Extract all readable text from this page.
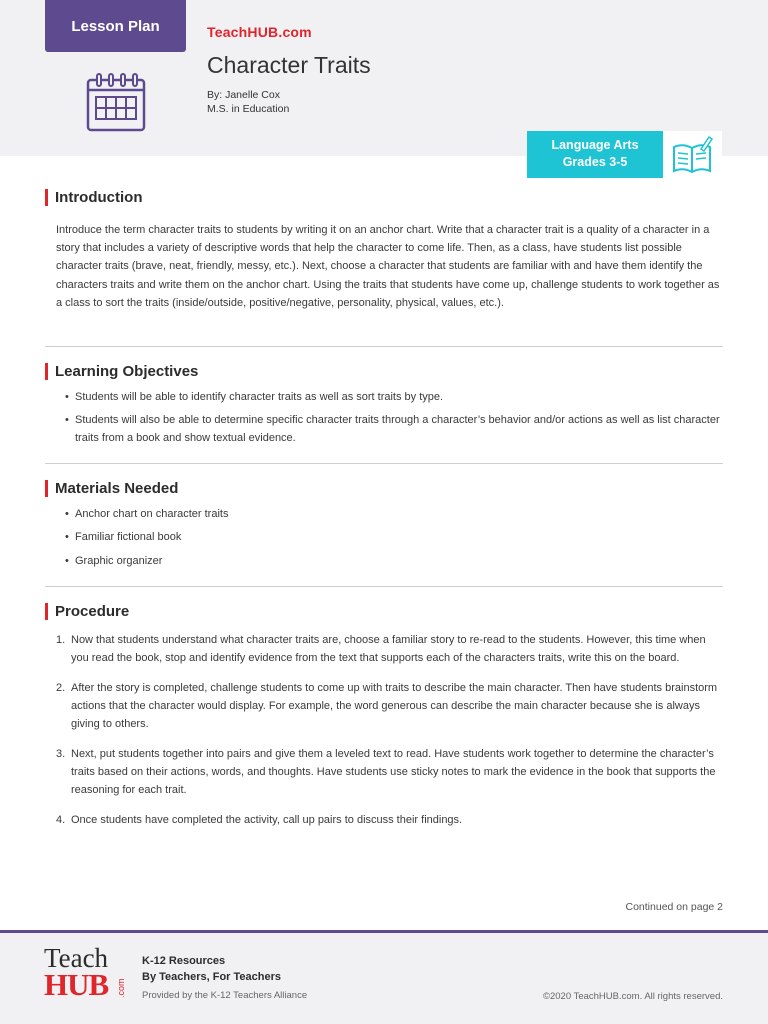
Lesson Plan	TeachHUB.com
Character Traits
By: Janelle Cox
M.S. in Education
Language Arts
Grades 3-5
Introduction
Introduce the term character traits to students by writing it on an anchor chart. Write that a character trait is a quality of a character in a story that includes a variety of descriptive words that help the character to come life. Then, as a class, have students list possible character traits (brave, neat, friendly, messy, etc.). Next, choose a character that students are familiar with and have them identify the characters traits and write them on the anchor chart. Using the traits that students have come up, challenge students to work together as a class to sort the traits (inside/outside, positive/negative, personality, physical, values, etc.).
Learning Objectives
• Students will be able to identify character traits as well as sort traits by type.
• Students will also be able to determine specific character traits through a character’s behavior and/or actions as well as list character traits from a book and show textual evidence.
Materials Needed
• Anchor chart on character traits
• Familiar fictional book
• Graphic organizer
Procedure
1. Now that students understand what character traits are, choose a familiar story to re-read to the students. However, this time when you read the book, stop and identify evidence from the text that supports each of the characters traits, write this on the board.
2. After the story is completed, challenge students to come up with traits to describe the main character. Then have students brainstorm actions that the character would display. For example, the word generous can describe the main character because she is always giving to others.
3. Next, put students together into pairs and give them a leveled text to read. Have students work together to determine the character’s traits based on their actions, words, and thoughts. Have students use sticky notes to mark the evidence in the book that supports the reasoning for each trait.
4. Once students have completed the activity, call up pairs to discuss their findings.
Continued on page 2
Teach
HUB .com
K-12 Resources
By Teachers, For Teachers
Provided by the K-12 Teachers Alliance	©2020 TeachHUB.com. All rights reserved.
